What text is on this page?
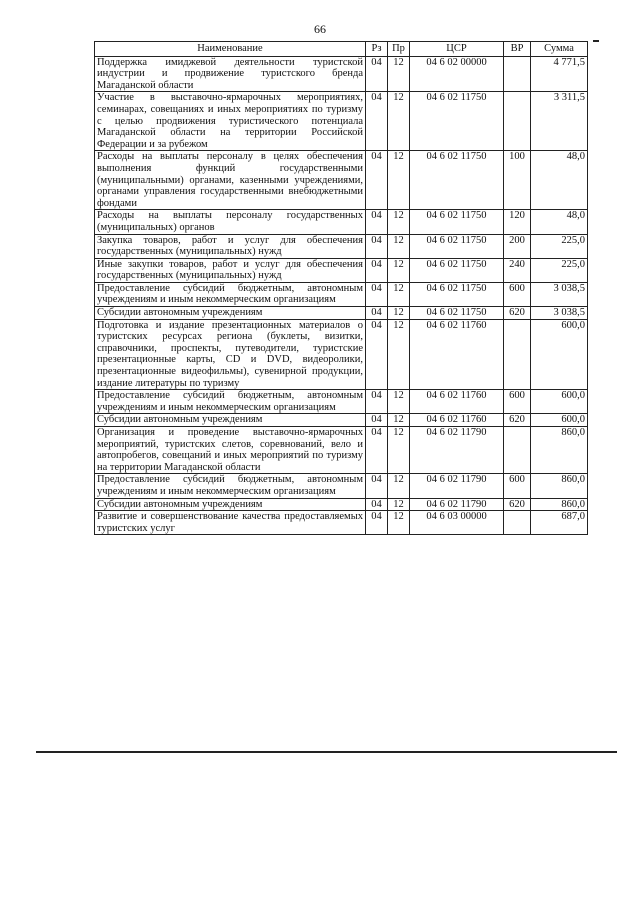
66
Наименование	Рз	Пр	ЦСР	ВР	Сумма
Поддержка имиджевой деятельности туристской индустрии и продвижение туристского бренда Магаданской области	04	12	04 6 02 00000		4 771,5
Участие в выставочно-ярмарочных мероприятиях, семинарах, совещаниях и иных мероприятиях по туризму с целью продвижения туристического потенциала Магаданской области на территории Российской Федерации и за рубежом	04	12	04 6 02 11750		3 311,5
Расходы на выплаты персоналу в целях обеспечения выполнения функций государственными (муниципальными) органами, казенными учреждениями, органами управления государственными внебюджетными фондами	04	12	04 6 02 11750	100	48,0
Расходы на выплаты персоналу государственных (муниципальных) органов	04	12	04 6 02 11750	120	48,0
Закупка товаров, работ и услуг для обеспечения государственных (муниципальных) нужд	04	12	04 6 02 11750	200	225,0
Иные закупки товаров, работ и услуг для обеспечения государственных (муниципальных) нужд	04	12	04 6 02 11750	240	225,0
Предоставление субсидий бюджетным, автономным учреждениям и иным некоммерческим организациям	04	12	04 6 02 11750	600	3 038,5
Субсидии автономным учреждениям	04	12	04 6 02 11750	620	3 038,5
Подготовка и издание презентационных материалов о туристских ресурсах региона (буклеты, визитки, справочники, проспекты, путеводители, туристские презентационные карты, CD и DVD, видеоролики, презентационные видеофильмы), сувенирной продукции, издание литературы по туризму	04	12	04 6 02 11760		600,0
Предоставление субсидий бюджетным, автономным учреждениям и иным некоммерческим организациям	04	12	04 6 02 11760	600	600,0
Субсидии автономным учреждениям	04	12	04 6 02 11760	620	600,0
Организация и проведение выставочно-ярмарочных мероприятий, туристских слетов, соревнований, вело и автопробегов, совещаний и иных мероприятий по туризму на территории Магаданской области	04	12	04 6 02 11790		860,0
Предоставление субсидий бюджетным, автономным учреждениям и иным некоммерческим организациям	04	12	04 6 02 11790	600	860,0
Субсидии автономным учреждениям	04	12	04 6 02 11790	620	860,0
Развитие и совершенствование качества предоставляемых туристских услуг	04	12	04 6 03 00000		687,0
